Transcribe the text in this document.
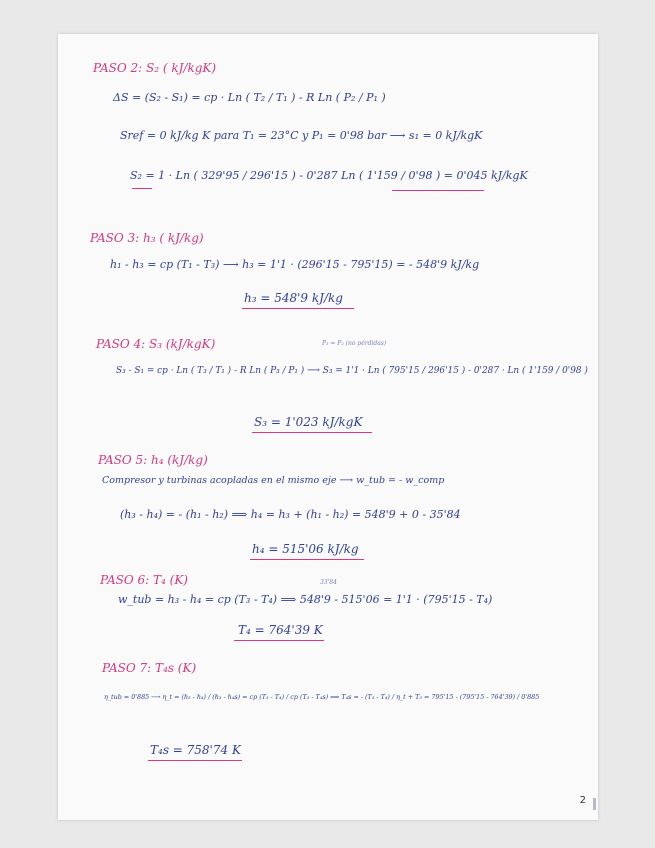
PASO 2: S₂ ( kJ/kgK)
ΔS = (S₂ - S₁) = cp · Ln ( T₂ / T₁ ) - R Ln ( P₂ / P₁ )
Sref = 0 kJ/kg K para T₁ = 23°C y P₁ = 0'98 bar ⟶ s₁ = 0 kJ/kgK
S₂ = 1 · Ln ( 329'95 / 296'15 ) - 0'287 Ln ( 1'159 / 0'98 ) = 0'045 kJ/kgK
PASO 3: h₃ ( kJ/kg)
h₁ - h₃ = cp (T₁ - T₃) ⟶ h₃ = 1'1 · (296'15 - 795'15) = - 548'9 kJ/kg
h₃ = 548'9 kJ/kg
PASO 4: S₃ (kJ/kgK)	P₃ = P₂ (no pérdidas)
S₃ - S₁ = cp · Ln ( T₃ / T₁ ) - R Ln ( P₃ / P₁ ) ⟶ S₃ = 1'1 · Ln ( 795'15 / 296'15 ) - 0'287 · Ln ( 1'159 / 0'98 )
S₃ = 1'023 kJ/kgK
PASO 5: h₄ (kJ/kg)
Compresor y turbinas acopladas en el mismo eje ⟶ w_tub = - w_comp
(h₃ - h₄) = - (h₁ - h₂) ⟹ h₄ = h₃ + (h₁ - h₂) = 548'9 + 0 - 35'84
h₄ = 515'06 kJ/kg
PASO 6: T₄ (K)	33'84
w_tub = h₃ - h₄ = cp (T₃ - T₄) ⟹ 548'9 - 515'06 = 1'1 · (795'15 - T₄)
T₄ = 764'39 K
PASO 7: T₄s (K)
η_tub = 0'885 ⟶ η_t = (h₃ - h₄) / (h₃ - h₄s) = cp (T₃ - T₄) / cp (T₃ - T₄s) ⟹ T₄s = - (T₃ - T₄) / η_t + T₃ = 795'15 - (795'15 - 764'39) / 0'885
T₄s = 758'74 K
2
